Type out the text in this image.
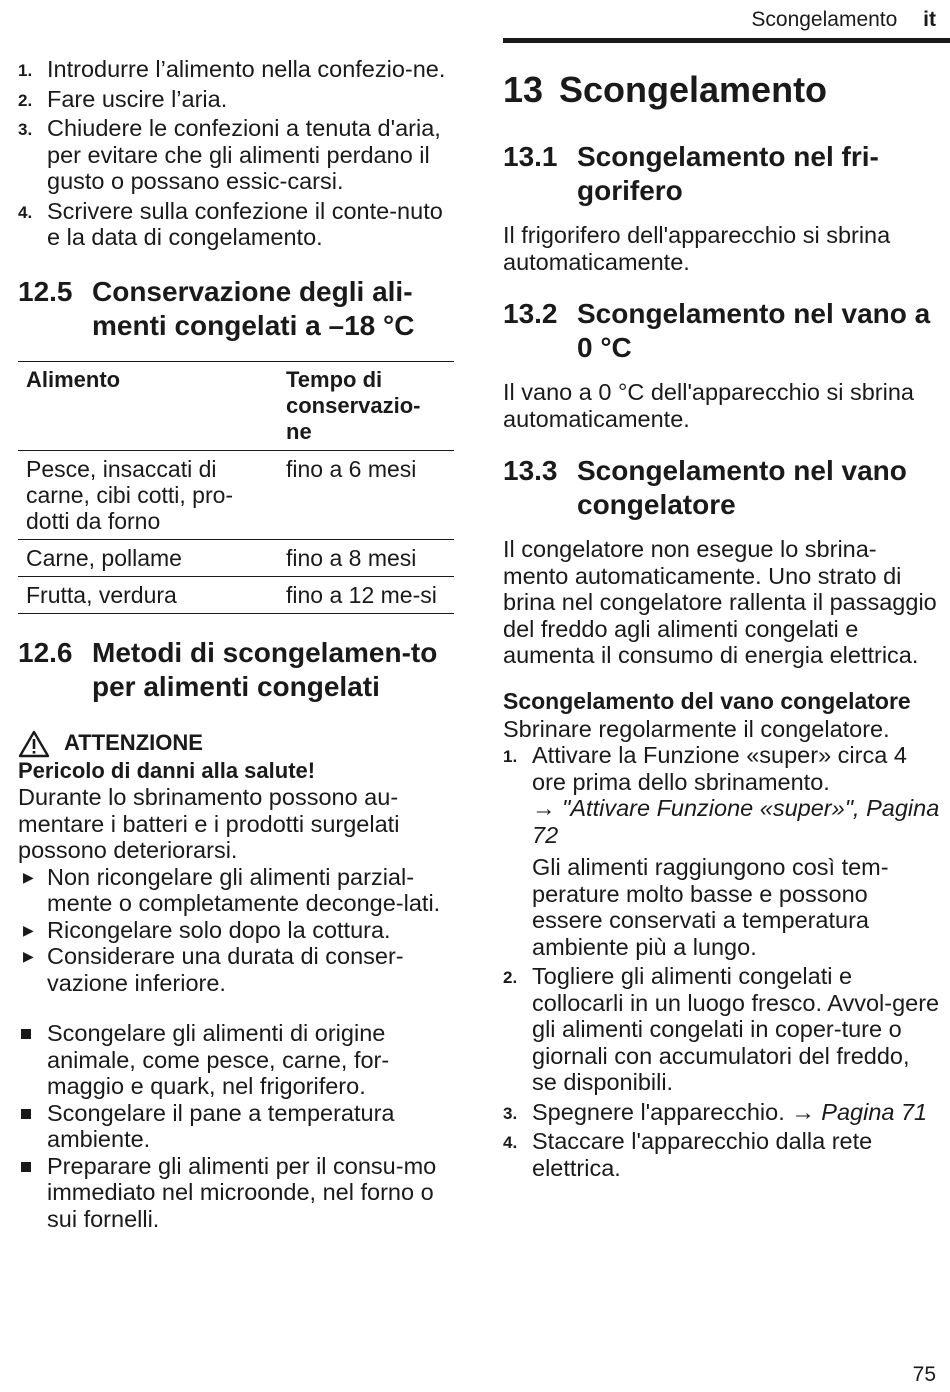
Scongelamento it
1. Introdurre l’alimento nella confezio-ne.
2. Fare uscire l’aria.
3. Chiudere le confezioni a tenuta d'aria, per evitare che gli alimenti perdano il gusto o possano essic-carsi.
4. Scrivere sulla confezione il conte-nuto e la data di congelamento.
12.5 Conservazione degli ali-menti congelati a –18 °C
Alimento	Tempo di conservazio-ne
Pesce, insaccati di carne, cibi cotti, pro-dotti da forno	fino a 6 mesi
Carne, pollame	fino a 8 mesi
Frutta, verdura	fino a 12 me-si
12.6 Metodi di scongelamen-to per alimenti congelati
ATTENZIONE
Pericolo di danni alla salute!

Durante lo sbrinamento possono au-mentare i batteri e i prodotti surgelati possono deteriorarsi.

▶ Non ricongelare gli alimenti parzial-mente o completamente deconge-lati.
▶ Ricongelare solo dopo la cottura.
▶ Considerare una durata di conser-vazione inferiore.
Scongelare gli alimenti di origine animale, come pesce, carne, for-maggio e quark, nel frigorifero.
Scongelare il pane a temperatura ambiente.
Preparare gli alimenti per il consu-mo immediato nel microonde, nel forno o sui fornelli.
13 Scongelamento
13.1 Scongelamento nel fri-gorifero

Il frigorifero dell'apparecchio si sbrina automaticamente.

13.2 Scongelamento nel vano a 0 °C

Il vano a 0 °C dell'apparecchio si sbrina automaticamente.

13.3 Scongelamento nel vano congelatore

Il congelatore non esegue lo sbrina-mento automaticamente. Uno strato di brina nel congelatore rallenta il passaggio del freddo agli alimenti congelati e aumenta il consumo di energia elettrica.

Scongelamento del vano congelatore

Sbrinare regolarmente il congelatore.

1. Attivare la Funzione «super» circa 4 ore prima dello sbrinamento.
→ "Attivare Funzione «super»", Pagina 72

Gli alimenti raggiungono così tem-perature molto basse e possono essere conservati a temperatura ambiente più a lungo.

2. Togliere gli alimenti congelati e collocarli in un luogo fresco. Avvol-gere gli alimenti congelati in coper-ture o giornali con accumulatori del freddo, se disponibili.
3. Spegnere l'apparecchio. → Pagina 71
4. Staccare l'apparecchio dalla rete elettrica.
75
